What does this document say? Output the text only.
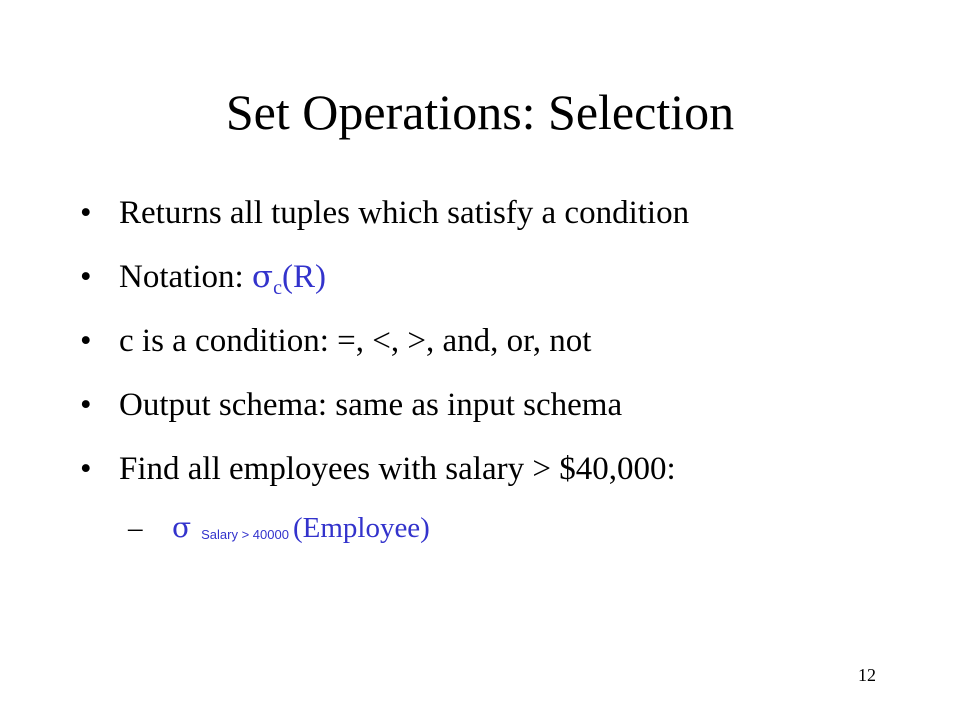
Set Operations: Selection
• Returns all tuples which satisfy a condition
• Notation: $\sigma_c(R)$
• c is a condition: =, <, >, and, or, not
• Output schema: same as input schema
• Find all employees with salary > $40,000:
– σ Salary > 40000 (Employee)
12
